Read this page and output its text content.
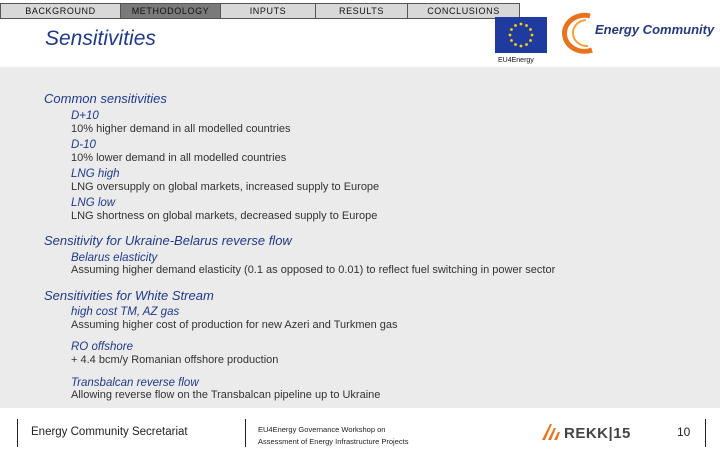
BACKGROUND	METHODOLOGY	INPUTS	RESULTS	CONCLUSIONS
Sensitivities
EU4Energy
Energy Community
Common sensitivities
D+10
10% higher demand in all modelled countries
D-10
10% lower demand in all modelled countries
LNG high
LNG oversupply on global markets, increased supply to Europe
LNG low
LNG shortness on global markets, decreased supply to Europe
Sensitivity for Ukraine-Belarus reverse flow
Belarus elasticity
Assuming higher demand elasticity (0.1 as opposed to 0.01) to reflect fuel switching in power sector
Sensitivities for White Stream
high cost TM, AZ gas
Assuming higher cost of production for new Azeri and Turkmen gas
RO offshore
+ 4.4 bcm/y Romanian offshore production
Transbalcan reverse flow
Allowing reverse flow on the Transbalcan pipeline up to Ukraine
Energy Community Secretariat	EU4Energy Governance Workshop on
Assessment of Energy Infrastructure Projects	REKK|15	10
